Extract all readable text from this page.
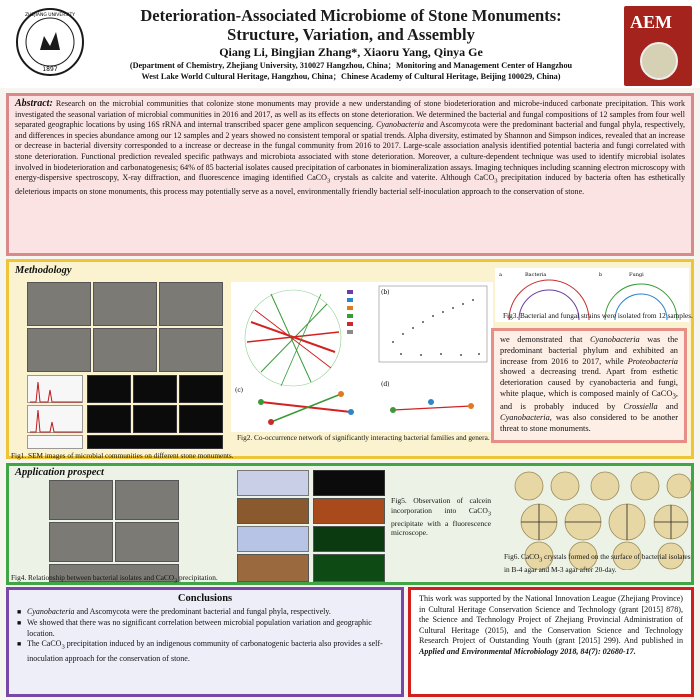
1897
ZHEJIANG UNIVERSITY	Deterioration-Associated Microbiome of Stone Monuments:
Structure, Variation, and Assembly
Qiang Li, Bingjian Zhang*, Xiaoru Yang, Qinya Ge
(Department of Chemistry, Zhejiang University, 310027 Hangzhou, China；Monitoring and Management Center of Hangzhou
West Lake World Cultural Heritage, Hangzhou, China；Chinese Academy of Cultural Heritage, Beijing 100029, China)
AEM
Abstract: Research on the microbial communities that colonize stone monuments may provide a new understanding of stone biodeterioration and microbe-induced carbonate precipitation. This work investigated the seasonal variation of microbial communities in 2016 and 2017, as well as its effects on stone deterioration. We determined the bacterial and fungal compositions of 12 samples from four well separated geographic locations by using 16S rRNA and internal transcribed spacer gene amplicon sequencing. Cyanobacteria and Ascomycota were the predominant bacterial and fungal phyla, respectively, and differences in species abundance among our 12 samples and 2 years showed no consistent temporal or spatial trends. Alpha diversity, estimated by Shannon and Simpson indices, revealed that an increase or decrease in bacterial diversity corresponded to a increase or decrease in the fungal community from 2016 to 2017. Large-scale association analysis identified potential bacteria and fungi correlated with stone deterioration. Functional prediction revealed specific pathways and microbiota associated with stone deterioration. Moreover, a culture-dependent technique was used to identify microbial isolates involved in biodeterioration and carbonatogenesis; 64% of 85 bacterial isolates caused precipitation of carbonates in biomineralization assays. Imaging techniques including scanning electron microscopy with energy-dispersive spectroscopy, X-ray diffraction, and fluorescence imaging identified CaCO$_3$ crystals as calcite and vaterite. Although CaCO$_3$ precipitation induced by bacteria often has esthetically deleterious impacts on stone monuments, this process may potentially serve as a novel, environmentally friendly bacterial self-inoculation approach to the conservation of stone.
Methodology
Fig1. SEM images of microbial communities on different stone monuments.
(b)
(c)
(d)
Fig2. Co-occurrence network of significantly interacting bacterial families and genera.
a	Bacteria	b	Fungi
Fig3. Bacterial and fungal strains were isolated from 12 samples.
we demonstrated that Cyanobacteria was the predominant bacterial phylum and exhibited an increase from 2016 to 2017, while Proteobacteria showed a decreasing trend. Apart from esthetic deterioration caused by cyanobacteria and fungi, white plaque, which is composed mainly of CaCO$_3$, and is probably induced by Crossiella and Cyanobacteria, was also considered to be another threat to stone monuments.
Application prospect
Fig4. Relationship between bacterial isolates and CaCO$_3$ precipitation.
Fig5. Observation of calcein incorporation into CaCO$_3$ precipitate with a fluorescence microscope.
Fig6. CaCO$_3$ crystals formed on the surface of bacterial isolates in B-4 agar and M-3 agar after 20-day.
Conclusions
■ Cyanobacteria and Ascomycota were the predominant bacterial and fungal phyla, respectively.
■ We showed that there was no significant correlation between microbial population variation and geographic location.
■ The CaCO$_3$ precipitation induced by an indigenous community of carbonatogenic bacteria also provides a self-inoculation approach for the conservation of stone.
This work was supported by the National Innovation League (Zhejiang Province) in Cultural Heritage Conservation Science and Technology (grant [2015] 878), the Science and Technology Project of Zhejiang Provincial Administration of Cultural Heritage (2015), and the Conservation Science and Technology Research Project of Outstanding Youth (grant [2015] 299). And published in Applied and Environmental Microbiology 2018, 84(7): 02680-17.
